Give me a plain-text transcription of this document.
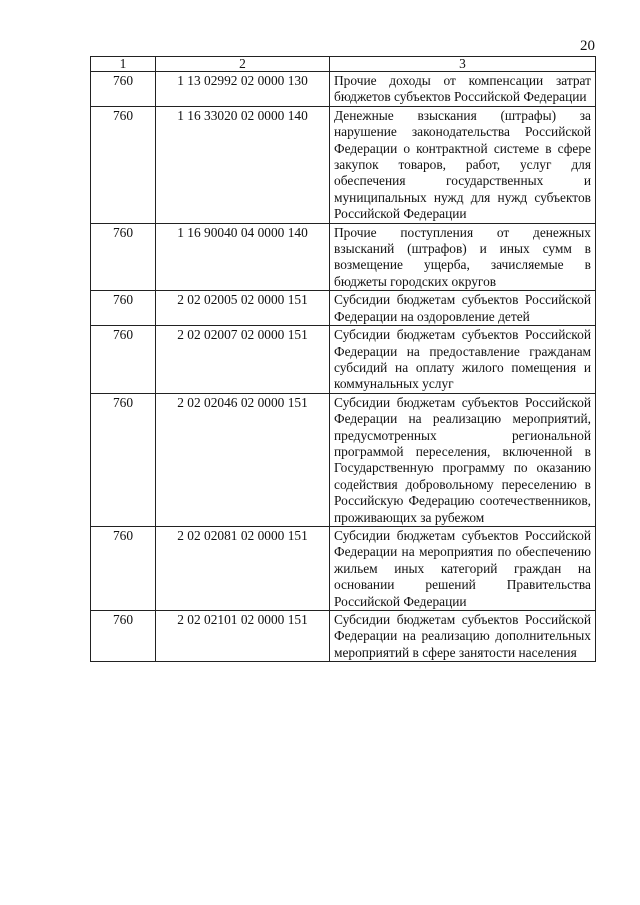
20
1	2	3
760	1 13 02992 02 0000 130	Прочие доходы от компенсации затрат бюджетов субъектов Российской Федерации
760	1 16 33020 02 0000 140	Денежные взыскания (штрафы) за нарушение законодательства Российской Федерации о контрактной системе в сфере закупок товаров, работ, услуг для обеспечения государственных и муниципальных нужд для нужд субъектов Российской Федерации
760	1 16 90040 04 0000 140	Прочие поступления от денежных взысканий (штрафов) и иных сумм в возмещение ущерба, зачисляемые в бюджеты городских округов
760	2 02 02005 02 0000 151	Субсидии бюджетам субъектов Российской Федерации на оздоровление детей
760	2 02 02007 02 0000 151	Субсидии бюджетам субъектов Российской Федерации на предоставление гражданам субсидий на оплату жилого помещения и коммунальных услуг
760	2 02 02046 02 0000 151	Субсидии бюджетам субъектов Российской Федерации на реализацию мероприятий, предусмотренных региональной программой переселения, включенной в Государственную программу по оказанию содействия добровольному переселению в Российскую Федерацию соотечественников, проживающих за рубежом
760	2 02 02081 02 0000 151	Субсидии бюджетам субъектов Российской Федерации на мероприятия по обеспечению жильем иных категорий граждан на основании решений Правительства Российской Федерации
760	2 02 02101 02 0000 151	Субсидии бюджетам субъектов Российской Федерации на реализацию дополнительных мероприятий в сфере занятости населения
